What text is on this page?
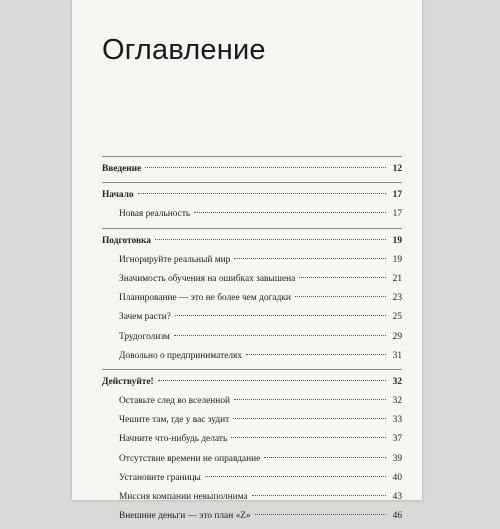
Оглавление
Введение	12
Начало	17
Новая реальность	17
Подготовка	19
Игнорируйте реальный мир	19
Значимость обучения на ошибках завышена	21
Планирование — это не более чем догадки	23
Зачем расти?	25
Трудоголизм	29
Довольно о предпринимателях	31
Действуйте!	32
Оставьте след во вселенной	32
Чешите там, где у вас зудит	33
Начните что-нибудь делать	37
Отсутствие времени не оправдание	39
Установите границы	40
Миссия компании невыполнима	43
Внешние деньги — это план «Z»	46
